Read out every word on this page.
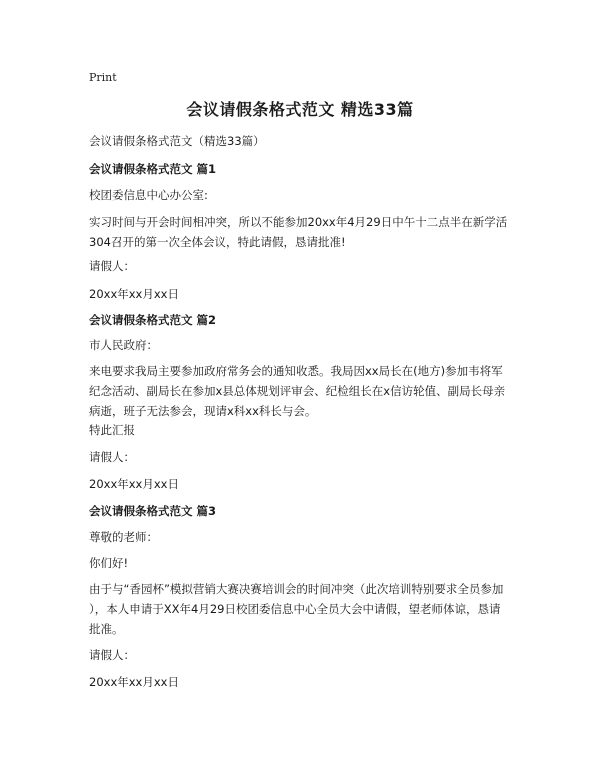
Print
会议请假条格式范文 精选33篇
会议请假条格式范文（精选33篇）
会议请假条格式范文 篇1
校团委信息中心办公室:
实习时间与开会时间相冲突，所以不能参加20xx年4月29日中午十二点半在新学活
304召开的第一次全体会议，特此请假，恳请批准!
请假人：
20xx年xx月xx日
会议请假条格式范文 篇2
市人民政府：
来电要求我局主要参加政府常务会的通知收悉。我局因xx局长在(地方)参加韦将军
纪念活动、副局长在参加x县总体规划评审会、纪检组长在x信访轮值、副局长母亲
病逝，班子无法参会，现请x科xx科长与会。
特此汇报
请假人：
20xx年xx月xx日
会议请假条格式范文 篇3
尊敬的老师：
你们好!
由于与“香园杯”模拟营销大赛决赛培训会的时间冲突（此次培训特别要求全员参加
），本人申请于XX年4月29日校团委信息中心全员大会中请假，望老师体谅，恳请
批准。
请假人：
20xx年xx月xx日
